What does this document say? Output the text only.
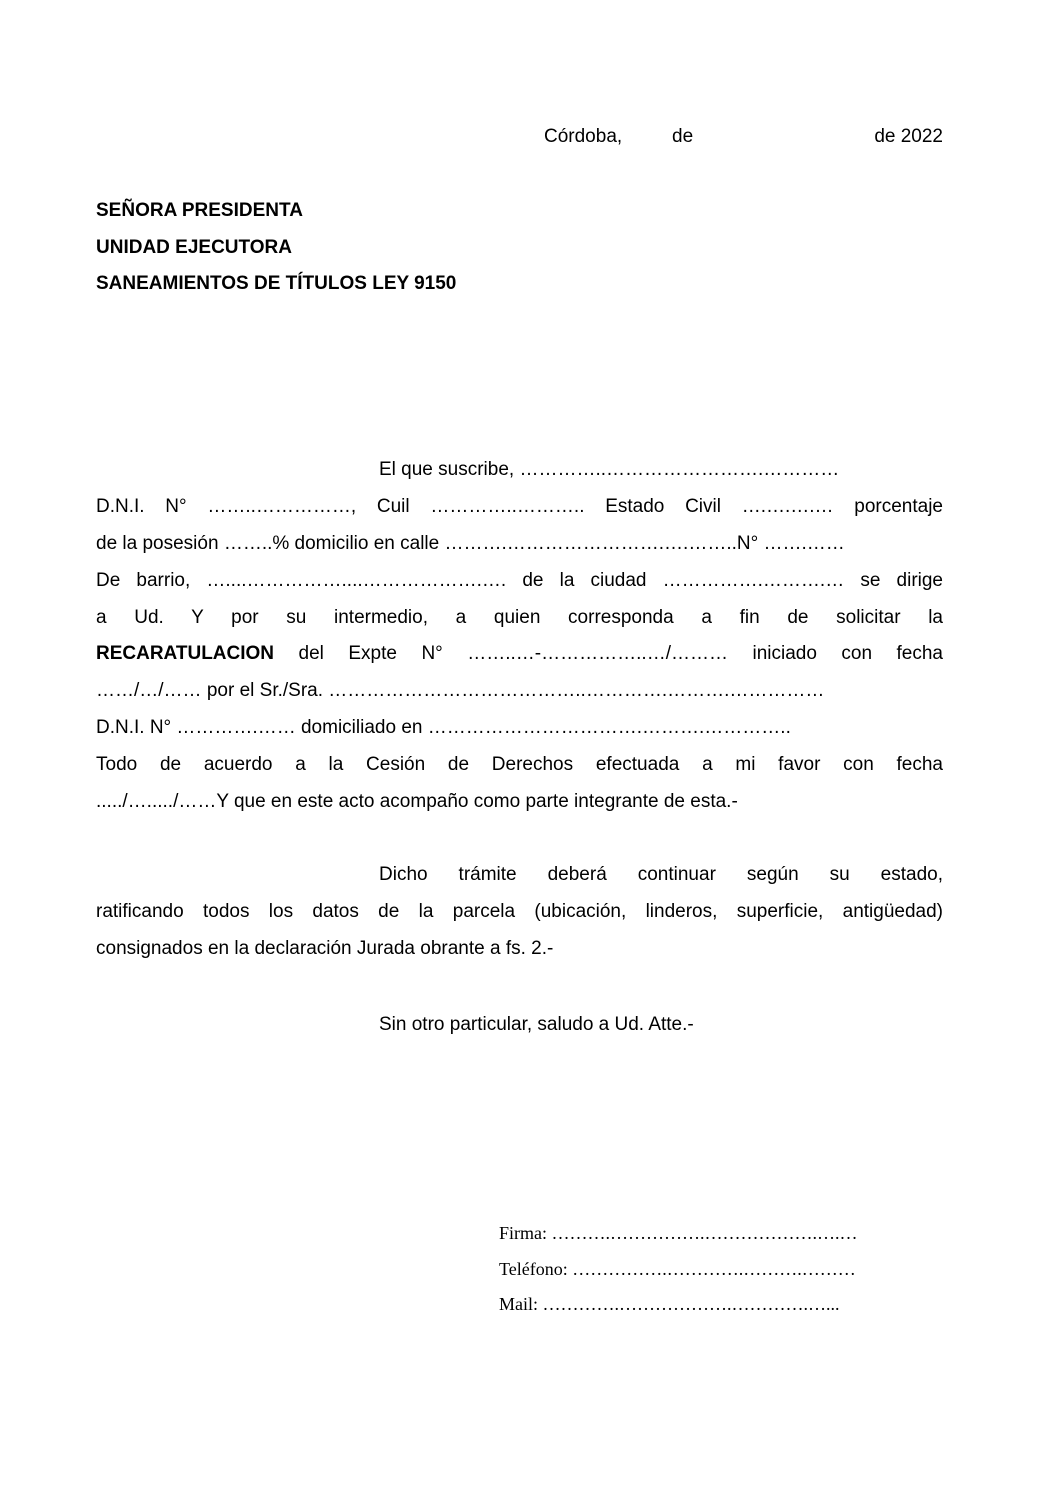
Córdoba,	de	de 2022
SEÑORA PRESIDENTA
UNIDAD EJECUTORA
SANEAMIENTOS DE TÍTULOS LEY 9150
El que suscribe, …………..…………………….…………
D.N.I. N° ……..……………, Cuil …………..……….. Estado Civil ….….….… porcentaje
de la posesión ……..% domicilio en calle ……….…………………….….……..N° …….……
De barrio, …....……………....……………….…. de la ciudad …………….……….… se dirige
a Ud. Y por su intermedio, a quien corresponda a fin de solicitar la
RECARATULACION del Expte N° ……..…-……………..…/……… iniciado con fecha
……/…/…… por el Sr./Sra. …………………………………..………….……….……………
D.N.I. N° ………….…… domiciliado en …………………………….……….…………..
Todo de acuerdo a la Cesión de Derechos efectuada a mi favor con fecha
...../…...../……Y que en este acto acompaño como parte integrante de esta.-
Dicho trámite deberá continuar según su estado,
ratificando todos los datos de la parcela (ubicación, linderos, superficie, antigüedad)
consignados en la declaración Jurada obrante a fs. 2.-
Sin otro particular, saludo a Ud. Atte.-
Firma: ……….…………….……………….….…
Teléfono: …………….………….……….………
Mail: ………….……………….………….…...
